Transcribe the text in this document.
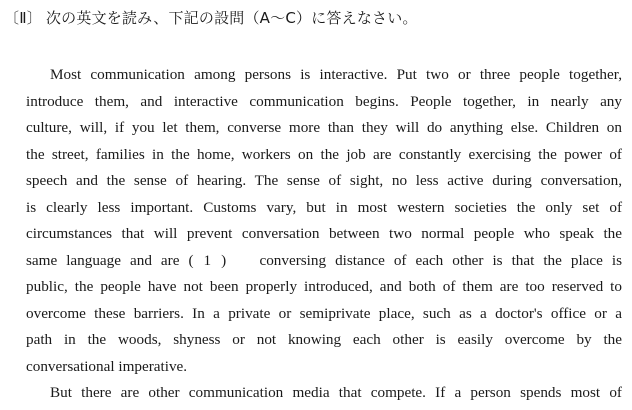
〔Ⅱ〕 次の英文を読み、下記の設問（A～C）に答えなさい。
Most communication among persons is interactive. Put two or three people together,
introduce them, and interactive communication begins. People together, in nearly any
culture, will, if you let them, converse more than they will do anything else. Children on
the street, families in the home, workers on the job are constantly exercising the power of
speech and the sense of hearing. The sense of sight, no less active during conversation,
is clearly less important. Customs vary, but in most western societies the only set of
circumstances that will prevent conversation between two normal people who speak the
same language and are ( 1 ) conversing distance of each other is that the place is
public, the people have not been properly introduced, and both of them are too reserved to
overcome these barriers. In a private or semiprivate place, such as a doctor's office or a
path in the woods, shyness or not knowing each other is easily overcome by the
conversational imperative.
But there are other communication media that compete. If a person spends most of
